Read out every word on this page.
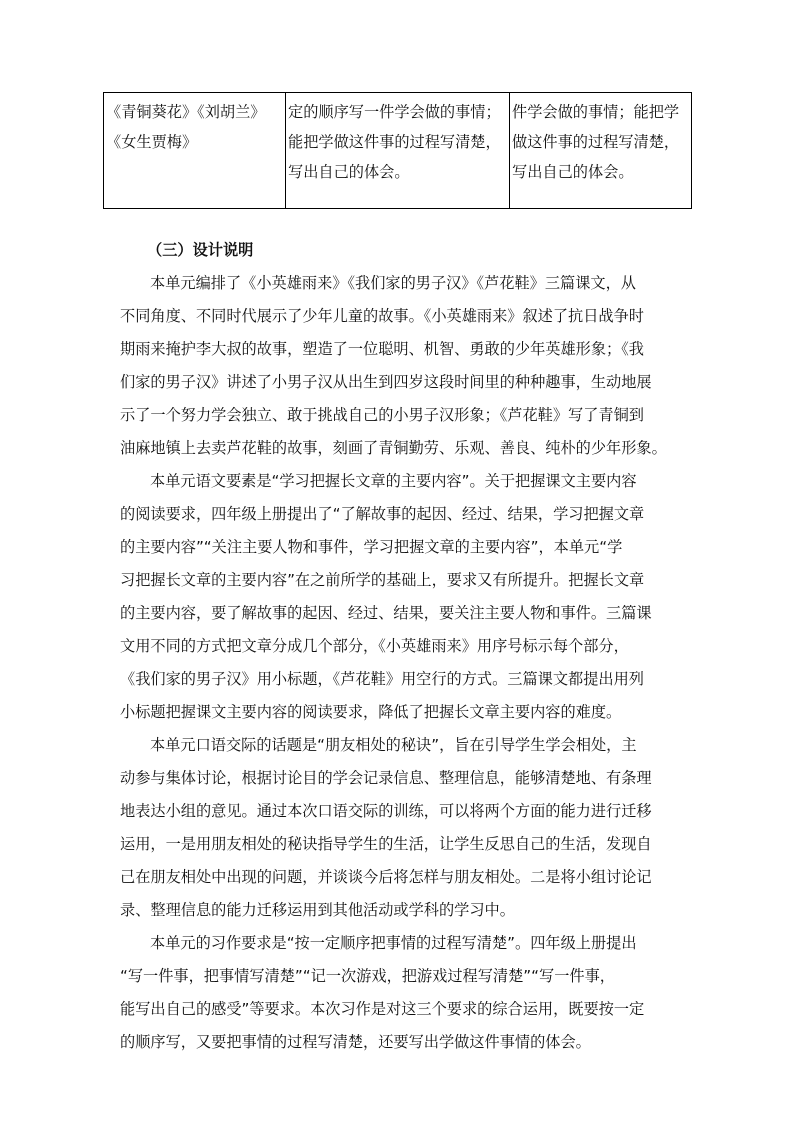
《青铜葵花》《刘胡兰》
《女生贾梅》

定的顺序写一件学会做的事情；
能把学做这件事的过程写清楚，
写出自己的体会。

件学会做的事情；能把学
做这件事的过程写清楚，
写出自己的体会。
（三）设计说明
本单元编排了《小英雄雨来》《我们家的男子汉》《芦花鞋》三篇课文，从
不同角度、不同时代展示了少年儿童的故事。《小英雄雨来》叙述了抗日战争时
期雨来掩护李大叔的故事，塑造了一位聪明、机智、勇敢的少年英雄形象；《我
们家的男子汉》讲述了小男子汉从出生到四岁这段时间里的种种趣事，生动地展
示了一个努力学会独立、敢于挑战自己的小男子汉形象；《芦花鞋》写了青铜到
油麻地镇上去卖芦花鞋的故事，刻画了青铜勤劳、乐观、善良、纯朴的少年形象。
本单元语文要素是“学习把握长文章的主要内容”。关于把握课文主要内容
的阅读要求，四年级上册提出了“了解故事的起因、经过、结果，学习把握文章
的主要内容”“关注主要人物和事件，学习把握文章的主要内容”，本单元“学
习把握长文章的主要内容”在之前所学的基础上，要求又有所提升。把握长文章
的主要内容，要了解故事的起因、经过、结果，要关注主要人物和事件。三篇课
文用不同的方式把文章分成几个部分，《小英雄雨来》用序号标示每个部分，
《我们家的男子汉》用小标题，《芦花鞋》用空行的方式。三篇课文都提出用列
小标题把握课文主要内容的阅读要求，降低了把握长文章主要内容的难度。
本单元口语交际的话题是“朋友相处的秘诀”，旨在引导学生学会相处，主
动参与集体讨论，根据讨论目的学会记录信息、整理信息，能够清楚地、有条理
地表达小组的意见。通过本次口语交际的训练，可以将两个方面的能力进行迁移
运用，一是用朋友相处的秘诀指导学生的生活，让学生反思自己的生活，发现自
己在朋友相处中出现的问题，并谈谈今后将怎样与朋友相处。二是将小组讨论记
录、整理信息的能力迁移运用到其他活动或学科的学习中。
本单元的习作要求是“按一定顺序把事情的过程写清楚”。四年级上册提出
“写一件事，把事情写清楚”“记一次游戏，把游戏过程写清楚”“写一件事，
能写出自己的感受”等要求。本次习作是对这三个要求的综合运用，既要按一定
的顺序写，又要把事情的过程写清楚，还要写出学做这件事情的体会。
